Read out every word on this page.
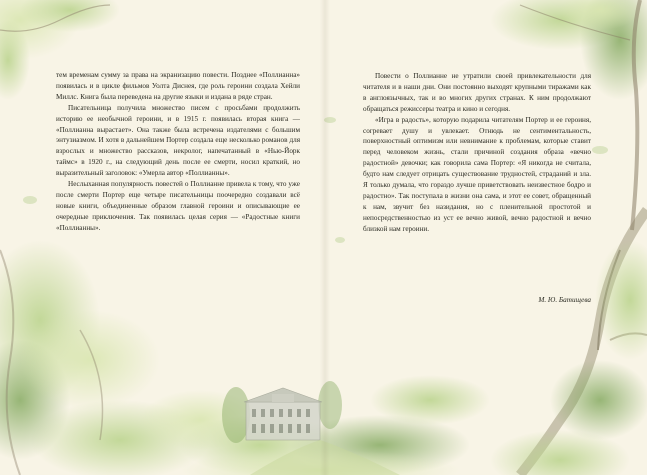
тем временам сумму за права на экранизацию повести. Позднее «Поллианна» появилась и в цикле фильмов Уолта Диснея, где роль героини создала Хейли Миллс. Книга была переведена на другие языки и издана в ряде стран.

Писательница получила множество писем с просьбами продолжить историю ее необычной героини, и в 1915 г. появилась вторая книга — «Поллианна вырастает». Она также была встречена издателями с большим энтузиазмом. И хотя в дальнейшем Портер создала еще несколько романов для взрослых и множество рассказов, некролог, напечатанный в «Нью-Йорк таймс» в 1920 г., на следующий день после ее смерти, носил краткий, но выразительный заголовок: «Умерла автор «Поллианны».

Неслыханная популярность повестей о Поллианне привела к тому, что уже после смерти Портер еще четыре писательницы поочередно создавали всё новые книги, объединенные образом главной героини и описывающие ее очередные приключения. Так появилась целая серия — «Радостные книги «Поллианны».

Повести о Поллианне не утратили своей привлекательности для читателя и в наши дни. Они постоянно выходят крупными тиражами как в англоязычных, так и во многих других странах. К ним продолжают обращаться режиссеры театра и кино и сегодня.

«Игра в радость», которую подарила читателям Портер и ее героиня, согревает душу и увлекает. Отнюдь не сентиментальность, поверхностный оптимизм или невнимание к проблемам, которые ставит перед человеком жизнь, стали причиной создания образа «вечно радостной» девочки; как говорила сама Портер: «Я никогда не считала, будто нам следует отрицать существование трудностей, страданий и зла. Я только думала, что гораздо лучше приветствовать неизвестное бодро и радостно». Так поступала в жизни она сама, и этот ее совет, обращенный к нам, звучит без назидания, но с пленительной простотой и непосредственностью из уст ее вечно живой, вечно радостной и вечно близкой нам героини.

М. Ю. Батищева
